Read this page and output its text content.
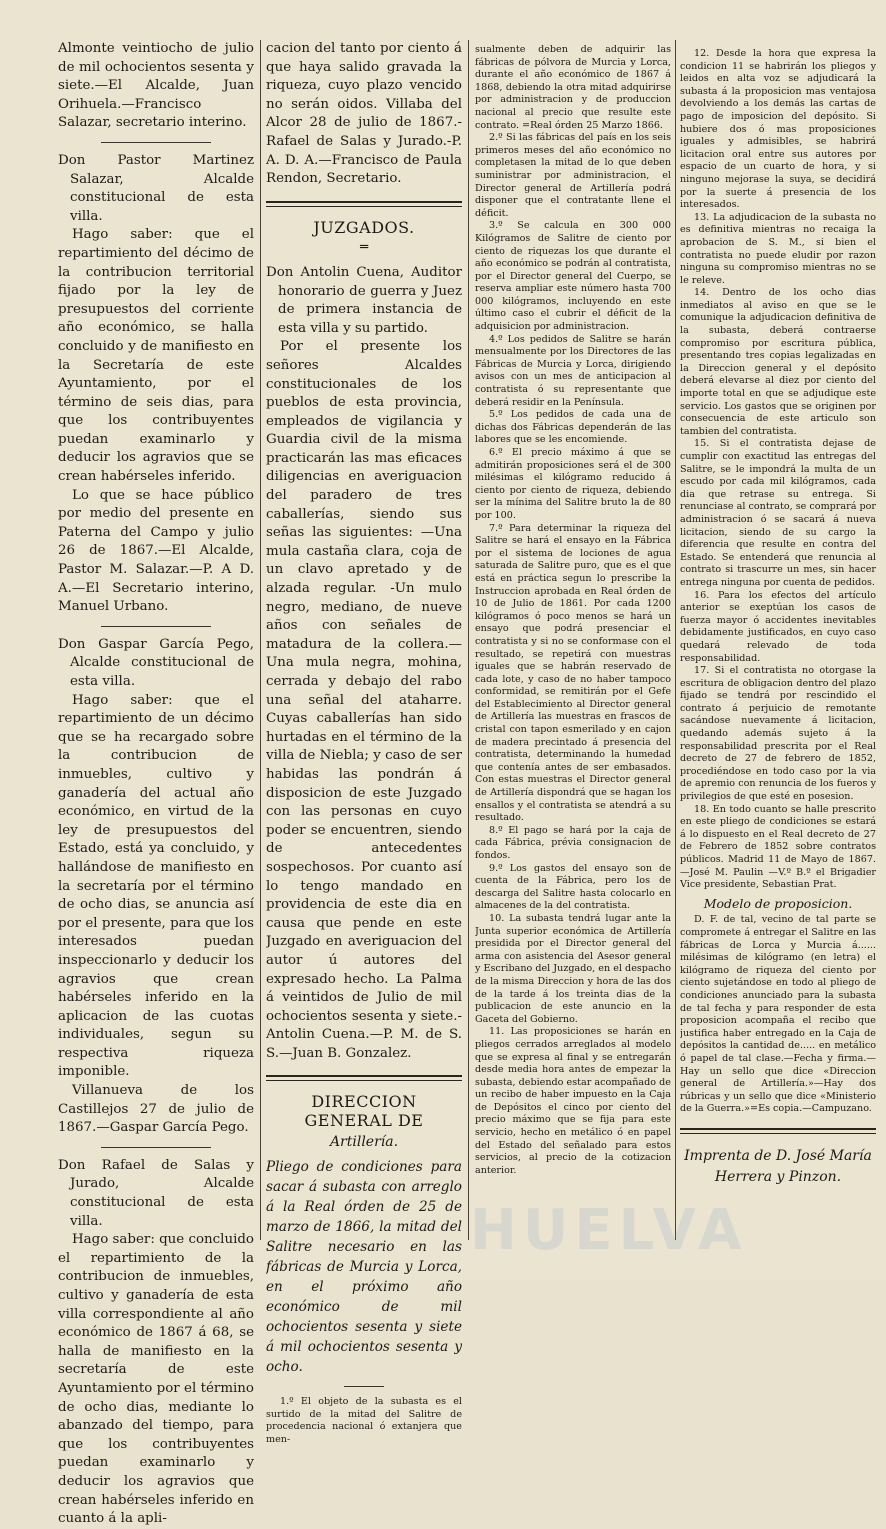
Almonte veintiocho de julio de mil ochocientos sesenta y siete.—El Alcalde, Juan Orihuela.—Francisco Salazar, secretario interino.

Don Pastor Martinez Salazar, Alcalde constitucional de esta villa.

Hago saber: que el repartimiento del décimo de la contribucion territorial fijado por la ley de presupuestos del corriente año económico, se halla concluido y de manifiesto en la Secretaría de este Ayuntamiento, por el término de seis dias, para que los contribuyentes puedan examinarlo y deducir los agravios que se crean habérseles inferido.

Lo que se hace público por medio del presente en Paterna del Campo y julio 26 de 1867.—El Alcalde, Pastor M. Salazar.—P. A D. A.—El Secretario interino, Manuel Urbano.

Don Gaspar García Pego, Alcalde constitucional de esta villa.

Hago saber: que el repartimiento de un décimo que se ha recargado sobre la contribucion de inmuebles, cultivo y ganadería del actual año económico, en virtud de la ley de presupuestos del Estado, está ya concluido, y hallándose de manifiesto en la secretaría por el término de ocho dias, se anuncia así por el presente, para que los interesados puedan inspeccionarlo y deducir los agravios que crean habérseles inferido en la aplicacion de las cuotas individuales, segun su respectiva riqueza imponible.

Villanueva de los Castillejos 27 de julio de 1867.—Gaspar García Pego.

Don Rafael de Salas y Jurado, Alcalde constitucional de esta villa.

Hago saber: que concluido el repartimiento de la contribucion de inmuebles, cultivo y ganadería de esta villa correspondiente al año económico de 1867 á 68, se halla de manifiesto en la secretaría de este Ayuntamiento por el término de ocho dias, mediante lo abanzado del tiempo, para que los contribuyentes puedan examinarlo y deducir los agravios que crean habérseles inferido en cuanto á la apli-

cacion del tanto por ciento á que haya salido gravada la riqueza, cuyo plazo vencido no serán oidos. Villaba del Alcor 28 de julio de 1867.-Rafael de Salas y Jurado.-P. A. D. A.—Francisco de Paula Rendon, Secretario.

JUZGADOS.

═

Don Antolin Cuena, Auditor honorario de guerra y Juez de primera instancia de esta villa y su partido.

Por el presente los señores Alcaldes constitucionales de los pueblos de esta provincia, empleados de vigilancia y Guardia civil de la misma practicarán las mas eficaces diligencias en averiguacion del paradero de tres caballerías, siendo sus señas las siguientes: —Una mula castaña clara, coja de un clavo apretado y de alzada regular. -Un mulo negro, mediano, de nueve años con señales de matadura de la collera.—Una mula negra, mohina, cerrada y debajo del rabo una señal del ataharre. Cuyas caballerías han sido hurtadas en el término de la villa de Niebla; y caso de ser habidas las pondrán á disposicion de este Juzgado con las personas en cuyo poder se encuentren, siendo de antecedentes sospechosos. Por cuanto así lo tengo mandado en providencia de este dia en causa que pende en este Juzgado en averiguacion del autor ú autores del expresado hecho. La Palma á veintidos de Julio de mil ochocientos sesenta y siete.-Antolin Cuena.—P. M. de S. S.—Juan B. Gonzalez.

DIRECCION GENERAL DE

Artillería.

Pliego de condiciones para sacar á subasta con arreglo á la Real órden de 25 de marzo de 1866, la mitad del Salitre necesario en las fábricas de Murcia y Lorca, en el próximo año económico de mil ochocientos sesenta y siete á mil ochocientos sesenta y ocho.

1.º El objeto de la subasta es el surtido de la mitad del Salitre de procedencia nacional ó extanjera que men-

sualmente deben de adquirir las fábricas de pólvora de Murcia y Lorca, durante el año económico de 1867 á 1868, debiendo la otra mitad adquirirse por administracion y de produccion nacional al precio que resulte este contrato. =Real órden 25 Marzo 1866.

2.º Si las fábricas del país en los seis primeros meses del año económico no completasen la mitad de lo que deben suministrar por administracion, el Director general de Artillería podrá disponer que el contratante llene el déficit.

3.º Se calcula en 300 000 Kilógramos de Salitre de ciento por ciento de riquezas los que durante el año económico se podrán al contratista, por el Director general del Cuerpo, se reserva ampliar este número hasta 700 000 kilógramos, incluyendo en este último caso el cubrir el déficit de la adquisicion por administracion.

4.º Los pedidos de Salitre se harán mensualmente por los Directores de las Fábricas de Murcia y Lorca, dirigiendo avisos con un mes de anticipacion al contratista ó su representante que deberá residir en la Península.

5.º Los pedidos de cada una de dichas dos Fábricas dependerán de las labores que se les encomiende.

6.º El precio máximo á que se admitirán proposiciones será el de 300 milésimas el kilógramo reducido á ciento por ciento de riqueza, debiendo ser la mínima del Salitre bruto la de 80 por 100.

7.º Para determinar la riqueza del Salitre se hará el ensayo en la Fábrica por el sistema de lociones de agua saturada de Salitre puro, que es el que está en práctica segun lo prescribe la Instruccion aprobada en Real órden de 10 de Julio de 1861. Por cada 1200 kilógramos ó poco menos se hará un ensayo que podrá presenciar el contratista y si no se conformase con el resultado, se repetirá con muestras iguales que se habrán reservado de cada lote, y caso de no haber tampoco conformidad, se remitirán por el Gefe del Establecimiento al Director general de Artillería las muestras en frascos de cristal con tapon esmerilado y en cajon de madera precintado á presencia del contratista, determinando la humedad que contenía antes de ser embasados. Con estas muestras el Director general de Artillería dispondrá que se hagan los ensallos y el contratista se atendrá a su resultado.

8.º El pago se hará por la caja de cada Fábrica, prévia consignacion de fondos.

9.º Los gastos del ensayo son de cuenta de la Fábrica, pero los de descarga del Salitre hasta colocarlo en almacenes de la del contratista.

10. La subasta tendrá lugar ante la Junta superior económica de Artillería presidida por el Director general del arma con asistencia del Asesor general y Escribano del Juzgado, en el despacho de la misma Direccion y hora de las dos de la tarde á los treinta dias de la publicacion de este anuncio en la Gaceta del Gobierno.

11. Las proposiciones se harán en pliegos cerrados arreglados al modelo que se expresa al final y se entregarán desde media hora antes de empezar la subasta, debiendo estar acompañado de un recibo de haber impuesto en la Caja de Depósitos el cinco por ciento del precio máximo que se fija para este servicio, hecho en metálico ó en papel del Estado del señalado para estos servicios, al precio de la cotizacion anterior.

12. Desde la hora que expresa la condicion 11 se habrirán los pliegos y leidos en alta voz se adjudicará la subasta á la proposicion mas ventajosa devolviendo a los demás las cartas de pago de imposicion del depósito. Si hubiere dos ó mas proposiciones iguales y admisibles, se habrirá licitacion oral entre sus autores por espacio de un cuarto de hora, y si ninguno mejorase la suya, se decidirá por la suerte á presencia de los interesados.

13. La adjudicacion de la subasta no es definitiva mientras no recaiga la aprobacion de S. M., si bien el contratista no puede eludir por razon ninguna su compromiso mientras no se le releve.

14. Dentro de los ocho dias inmediatos al aviso en que se le comunique la adjudicacion definitiva de la subasta, deberá contraerse compromiso por escritura pública, presentando tres copias legalizadas en la Direccion general y el depósito deberá elevarse al diez por ciento del importe total en que se adjudique este servicio. Los gastos que se originen por consecuencia de este articulo son tambien del contratista.

15. Si el contratista dejase de cumplir con exactitud las entregas del Salitre, se le impondrá la multa de un escudo por cada mil kilógramos, cada dia que retrase su entrega. Si renunciase al contrato, se comprará por administracion ó se sacará á nueva licitacion, siendo de su cargo la diferencia que resulte en contra del Estado. Se entenderá que renuncia al contrato si trascurre un mes, sin hacer entrega ninguna por cuenta de pedidos.

16. Para los efectos del artículo anterior se exeptúan los casos de fuerza mayor ó accidentes inevitables debidamente justificados, en cuyo caso quedará relevado de toda responsabilidad.

17. Si el contratista no otorgase la escritura de obligacion dentro del plazo fijado se tendrá por rescindido el contrato á perjuicio de remotante sacándose nuevamente á licitacion, quedando además sujeto á la responsabilidad prescrita por el Real decreto de 27 de febrero de 1852, procediéndose en todo caso por la via de apremio con renuncia de los fueros y privilegios de que esté en posesion.

18. En todo cuanto se halle prescrito en este pliego de condiciones se estará á lo dispuesto en el Real decreto de 27 de Febrero de 1852 sobre contratos públicos. Madrid 11 de Mayo de 1867.—José M. Paulin —V.º B.º el Brigadier Vice presidente, Sebastian Prat.

Modelo de proposicion.

D. F. de tal, vecino de tal parte se compromete á entregar el Salitre en las fábricas de Lorca y Murcia á...... milésimas de kilógramo (en letra) el kilógramo de riqueza del ciento por ciento sujetándose en todo al pliego de condiciones anunciado para la subasta de tal fecha y para responder de esta proposicion acompaña el recibo que justifica haber entregado en la Caja de depósitos la cantidad de..... en metálico ó papel de tal clase.—Fecha y firma.—Hay un sello que dice «Direccion general de Artillería.»—Hay dos rúbricas y un sello que dice «Ministerio de la Guerra.»=Es copia.—Campuzano.

Imprenta de D. José María

Herrera y Pinzon.

HUELVA
